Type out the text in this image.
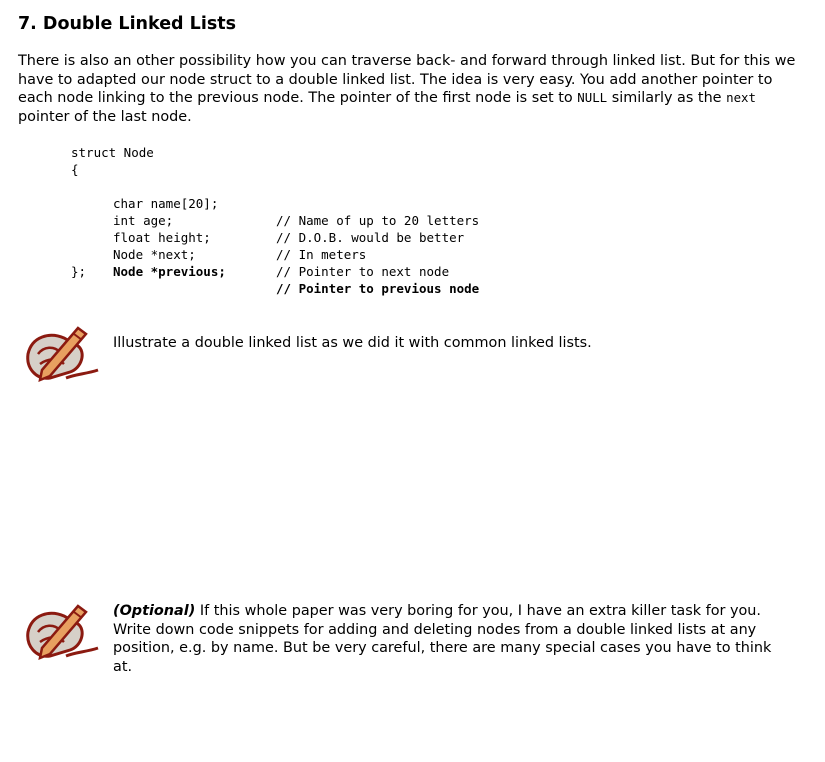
7. Double Linked Lists

There is also an other possibility how you can traverse back- and forward through linked list. But for this we have to adapted our node struct to a double linked list. The idea is very easy. You add another pointer to each node linking to the previous node. The pointer of the first node is set to NULL similarly as the next pointer of the last node.

struct Node
{

char name[20];

// Name of up to 20 letters

int age;

// D.O.B. would be better

float height;

// In meters

Node *next;

// Pointer to next node

Node *previous;

// Pointer to previous node

};

Illustrate a double linked list as we did it with common linked lists.

(Optional) If this whole paper was very boring for you, I have an extra killer task for you. Write down code snippets for adding and deleting nodes from a double linked lists at any position, e.g. by name. But be very careful, there are many special cases you have to think at.
